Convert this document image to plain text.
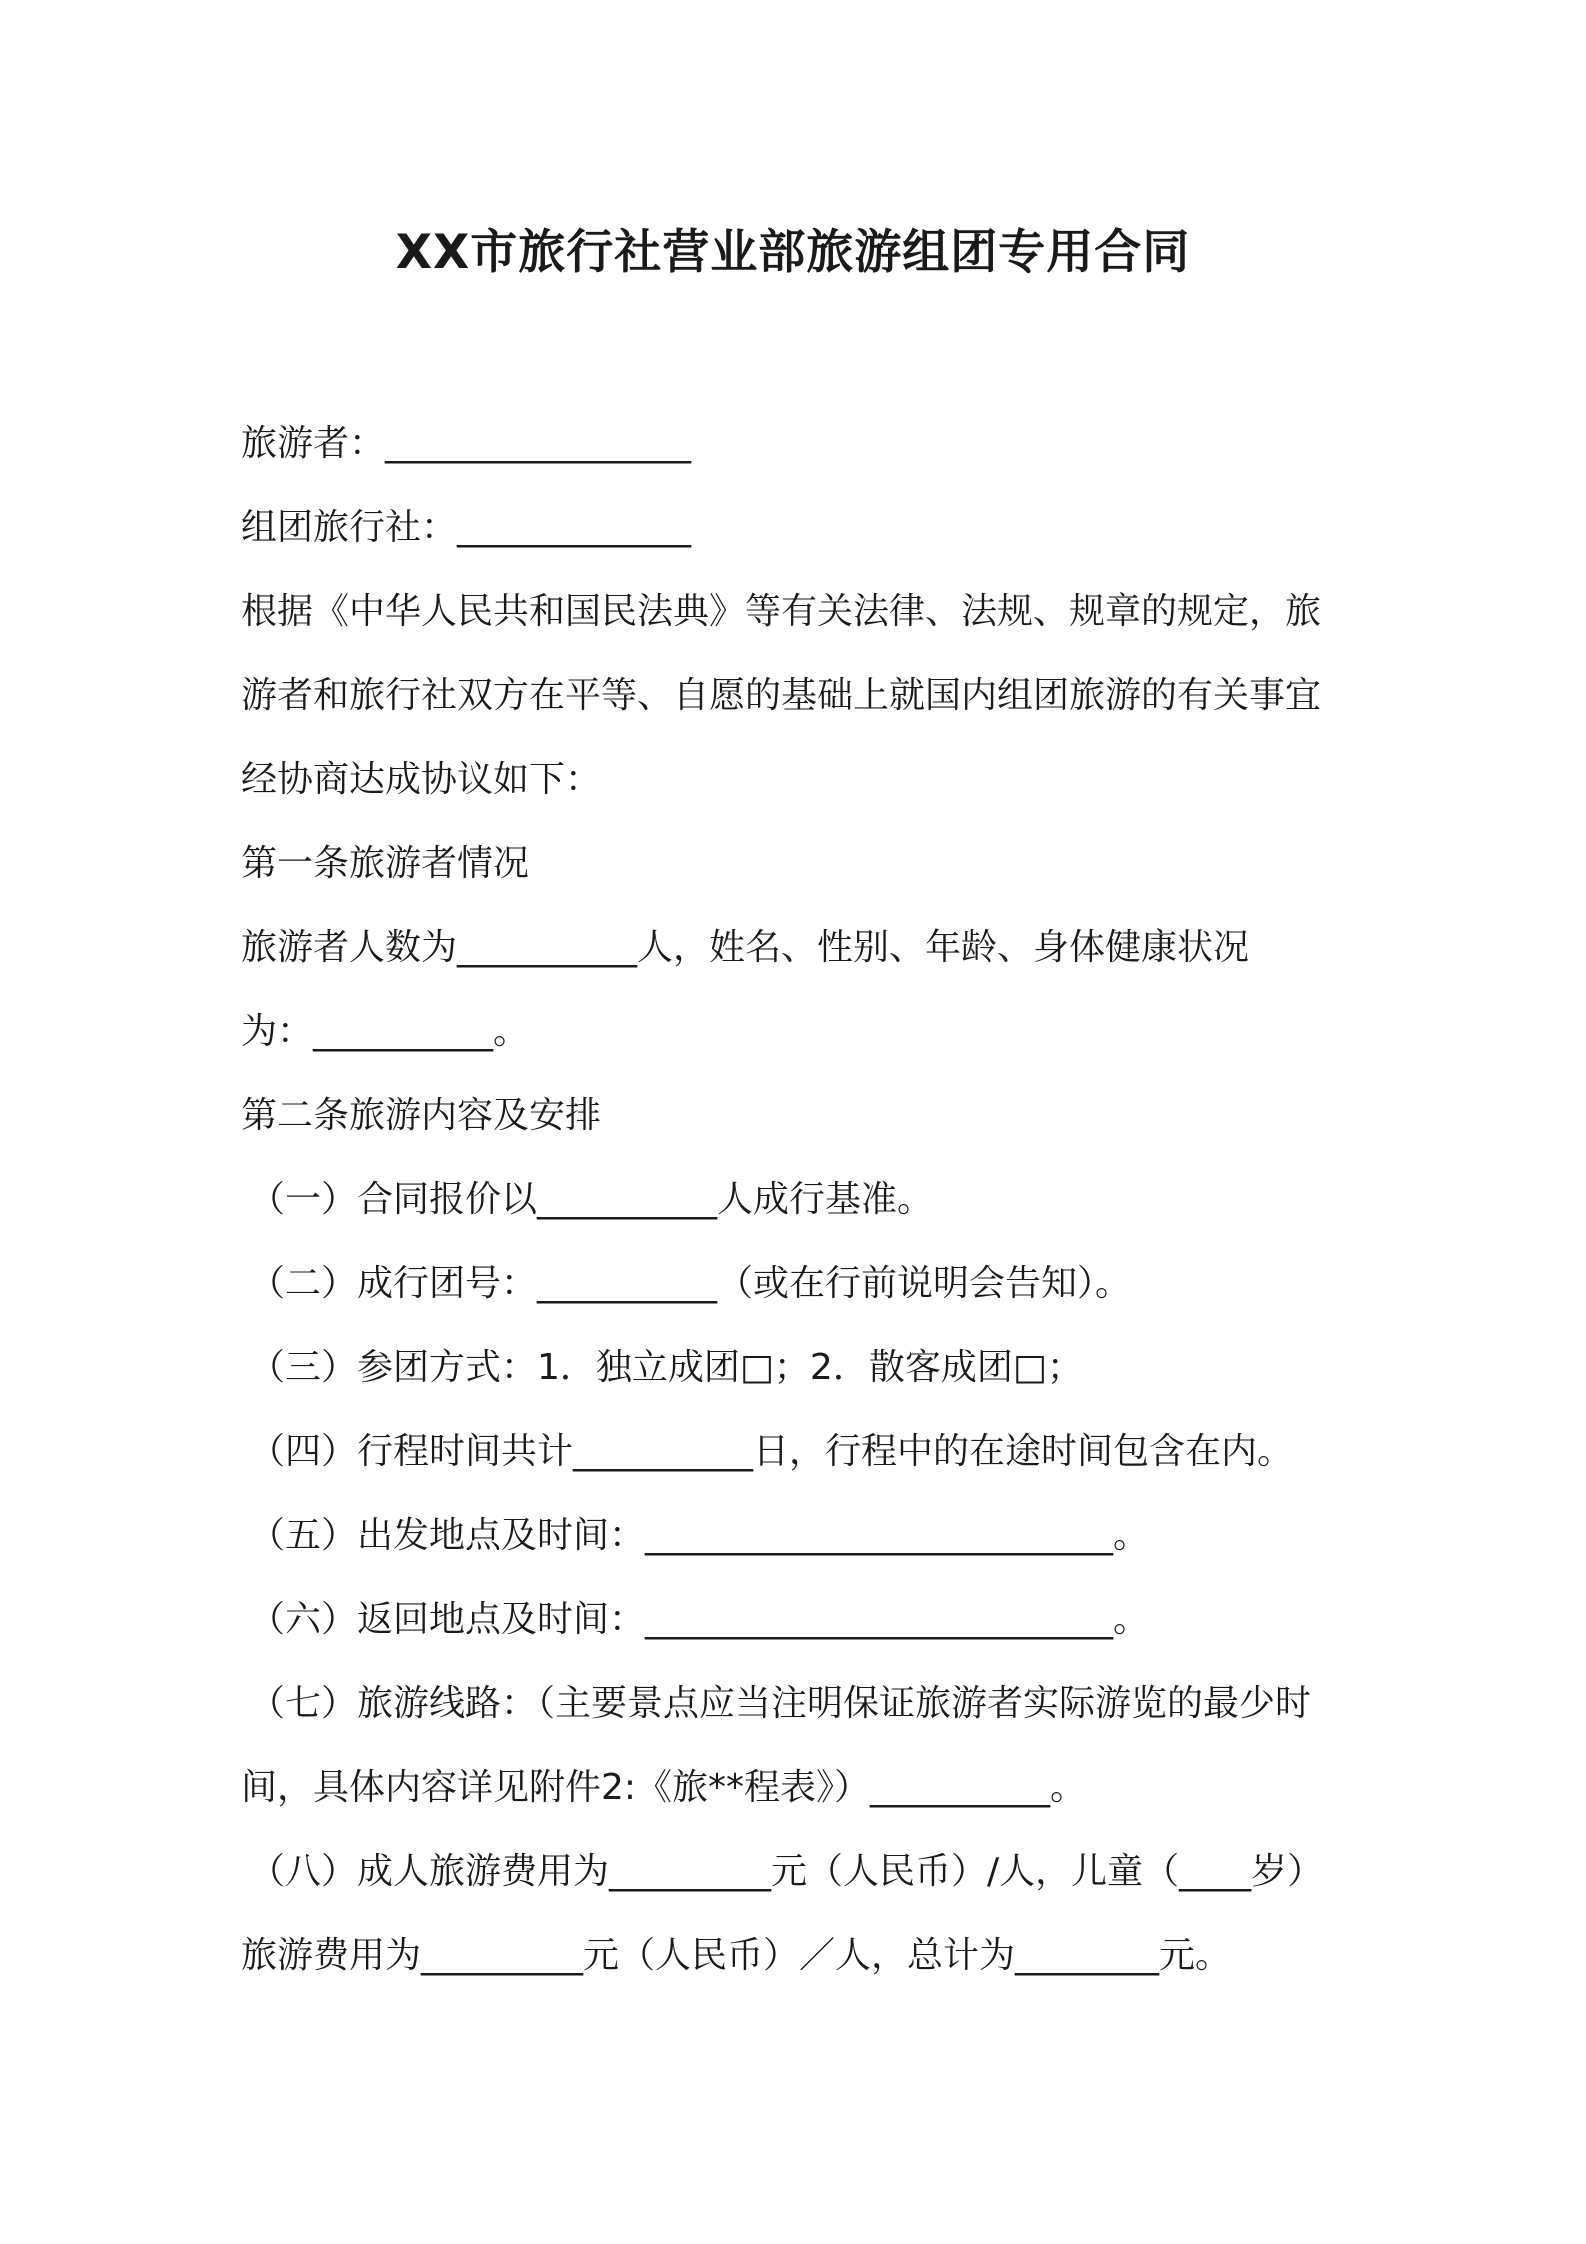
XX市旅行社营业部旅游组团专用合同

旅游者：_________________

组团旅行社：_____________

根据《中华人民共和国民法典》等有关法律、法规、规章的规定，旅

游者和旅行社双方在平等、自愿的基础上就国内组团旅游的有关事宜

经协商达成协议如下：

第一条旅游者情况

旅游者人数为__________人，姓名、性别、年龄、身体健康状况

为：__________。

第二条旅游内容及安排

（一）合同报价以__________人成行基准。

（二）成行团号：__________（或在行前说明会告知）。

（三）参团方式：1．独立成团□；2．散客成团□；

（四）行程时间共计__________日，行程中的在途时间包含在内。

（五）出发地点及时间：__________________________。

（六）返回地点及时间：__________________________。

（七）旅游线路：（主要景点应当注明保证旅游者实际游览的最少时

间，具体内容详见附件2:《旅**程表》）__________。

（八）成人旅游费用为_________元（人民币）/人，儿童（____岁）

旅游费用为_________元（人民币）／人，总计为________元。
